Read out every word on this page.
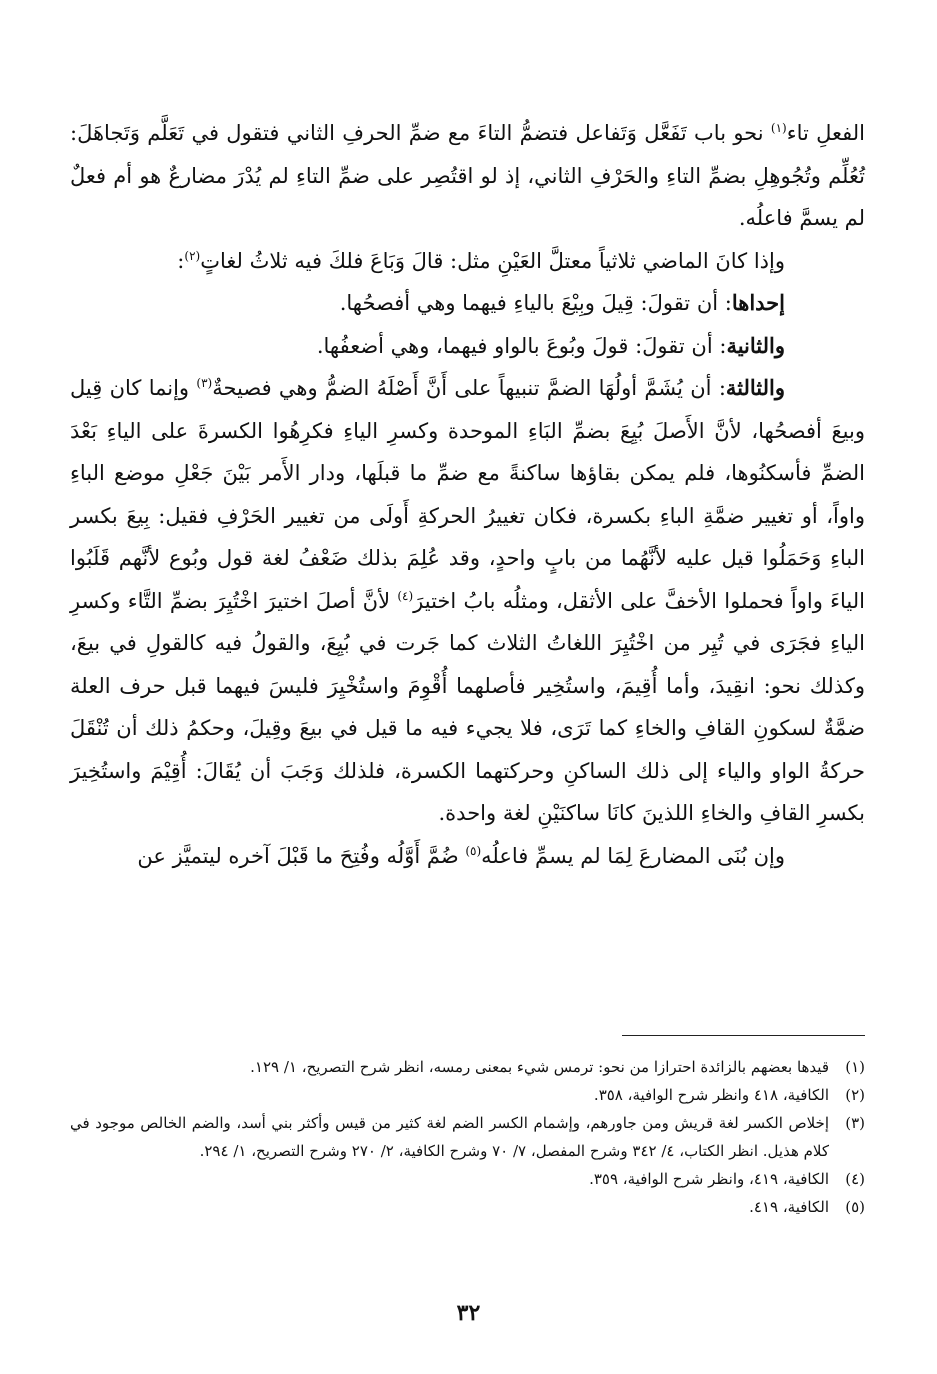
الفعلِ تاء$^{(١)}$ نحو باب تَفَعَّل وَتَفاعل فتضمُّ التاءَ مع ضمِّ الحرفِ الثاني فتقول في تَعَلَّم وَتَجاهَلَ: تُعُلِّم وتُجُوهِلِ بضمِّ التاءِ والحَرْفِ الثاني، إذ لو اقتُصِر على ضمِّ التاءِ لم يُدْرَ مضارعٌ هو أم فعلٌ لم يسمَّ فاعلُه.

وإذا كانَ الماضي ثلاثياً معتلَّ العَيْنِ مثل: قالَ وَبَاعَ فلكَ فيه ثلاثُ لغاتٍ$^{(٢)}$:

إحداها: أن تقولَ: قِيلَ وبِيْعَ بالياءِ فيهما وهي أفصحُها.

والثانية: أن تقولَ: قولَ وبُوعَ بالواو فيهما، وهي أضعفُها.

والثالثة: أن يُشَمَّ أولُهَا الضمَّ تنبيهاً على أَنَّ أَصْلَهُ الضمُّ وهي فصيحةٌ$^{(٣)}$ وإنما كان قِيل وبيعَ أفصحُها، لأنَّ الأَصلَ بُيِعَ بضمِّ البَاءِ الموحدة وكسرِ الياءِ فكرِهُوا الكسرةَ على الياءِ بَعْدَ الضمِّ فأسكنُوها، فلم يمكن بقاؤها ساكنةً مع ضمِّ ما قبلَها، ودار الأَمر بَيْنَ جَعْلِ موضع الباءِ واواً، أو تغيير ضمَّةِ الباءِ بكسرة، فكان تغييرُ الحركةِ أَولَى من تغيير الحَرْفِ فقيل: بِيعَ بكسر الباءِ وَحَمَلُوا قيل عليه لأنَّهُما من بابٍ واحدٍ، وقد عُلِمَ بذلك ضَعْفُ لغة قول وبُوع لأنَّهم قَلَبُوا الياءَ واواً فحملوا الأخفَّ على الأثقل، ومثلُه بابُ اختيرَ$^{(٤)}$ لأنَّ أصلَ اختيرَ اخْتُيِرَ بضمِّ التَّاء وكسرِ الياءِ فجَرَى في تُيِر من اخْتُيِرَ اللغاتُ الثلاث كما جَرت في بُيِعَ، والقولُ فيه كالقولِ في بيعَ، وكذلك نحو: انقِيدَ، وأما أُقِيمَ، واستُخِير فأصلهما أُقْوِمَ واستُخْيِرَ فليسَ فيهما قبل حرف العلة ضمَّةٌ لسكونِ القافِ والخاءِ كما تَرَى، فلا يجيء فيه ما قيل في بيعَ وقِيلَ، وحكمُ ذلك أن تُنْقَلَ حركةُ الواو والياء إلى ذلك الساكنِ وحركتهما الكسرة، فلذلك وَجَبَ أن يُقَالَ: أُقِيْمَ واستُخِيرَ بكسرِ القافِ والخاءِ اللذينَ كانَا ساكنَيْنِ لغة واحدة.

وإن بُنَى المضارعَ لِمَا لم يسمِّ فاعلُه$^{(٥)}$ ضُمَّ أَوَّلُه وفُتِحَ ما قَبْلَ آخره ليتميَّز عن

(١)
قيدها بعضهم بالزائدة احترازا من نحو: ترمس شيء بمعنى رمسه، انظر شرح التصريح، ١/ ١٢٩.
(٢)
الكافية، ٤١٨ وانظر شرح الوافية، ٣٥٨.
(٣)
إخلاص الكسر لغة قريش ومن جاورهم، وإشمام الكسر الضم لغة كثير من قيس وأكثر بني أسد، والضم الخالص موجود في كلام هذيل. انظر الكتاب، ٤/ ٣٤٢ وشرح المفصل، ٧/ ٧٠ وشرح الكافية، ٢/ ٢٧٠ وشرح التصريح، ١/ ٢٩٤.
(٤)
الكافية، ٤١٩، وانظر شرح الوافية، ٣٥٩.
(٥)
الكافية، ٤١٩.
٣٢
